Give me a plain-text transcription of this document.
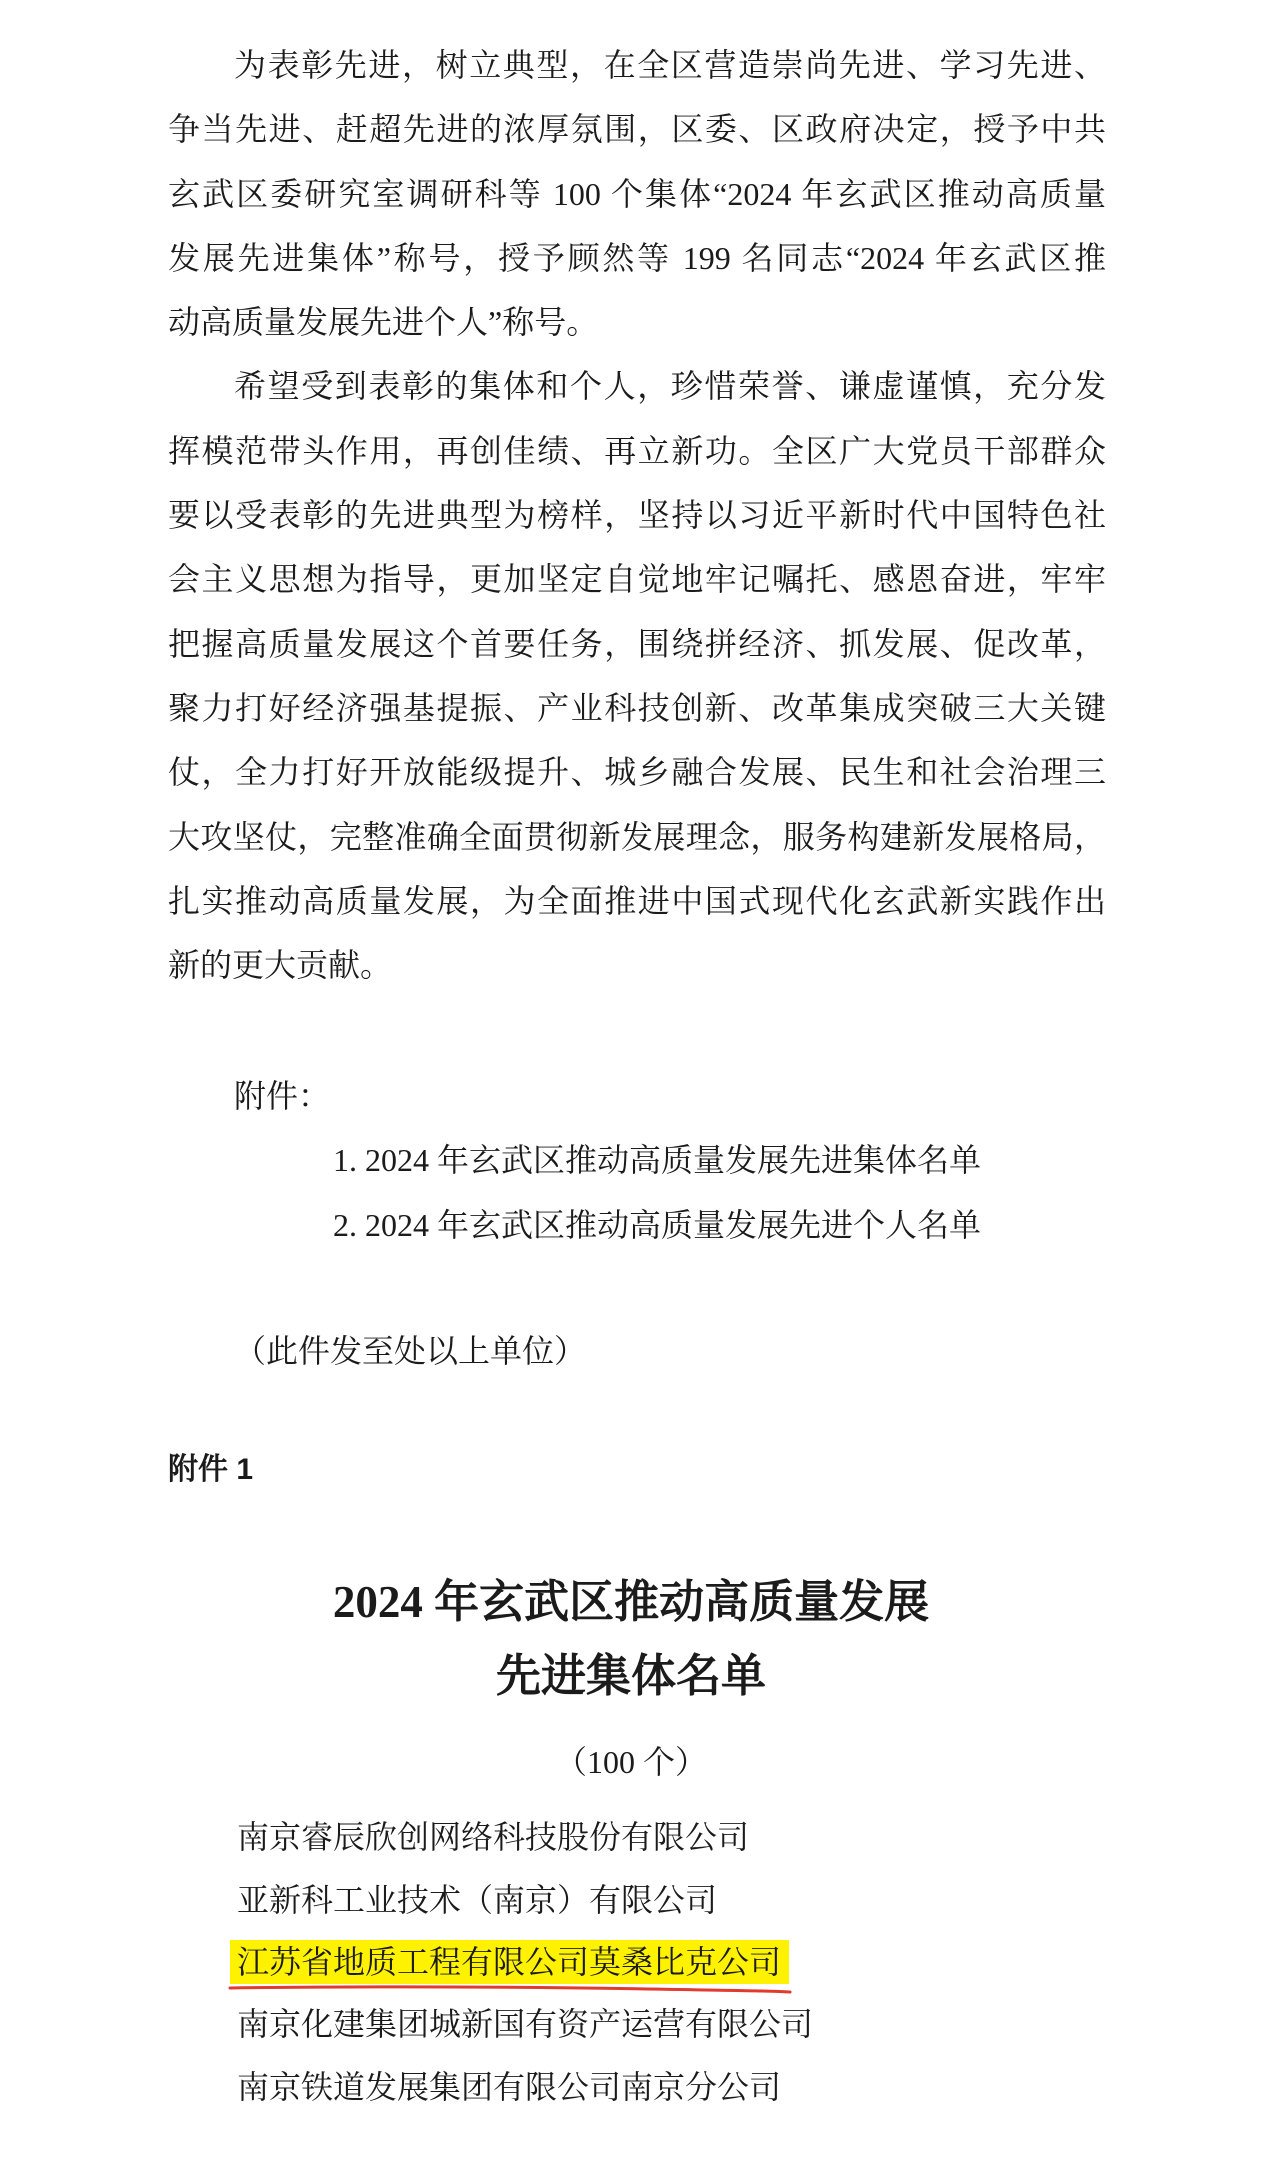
为表彰先进，树立典型，在全区营造崇尚先进、学习先进、
争当先进、赶超先进的浓厚氛围，区委、区政府决定，授予中共
玄武区委研究室调研科等 100 个集体“2024 年玄武区推动高质量
发展先进集体”称号，授予顾然等 199 名同志“2024 年玄武区推
动高质量发展先进个人”称号。
希望受到表彰的集体和个人，珍惜荣誉、谦虚谨慎，充分发
挥模范带头作用，再创佳绩、再立新功。全区广大党员干部群众
要以受表彰的先进典型为榜样，坚持以习近平新时代中国特色社
会主义思想为指导，更加坚定自觉地牢记嘱托、感恩奋进，牢牢
把握高质量发展这个首要任务，围绕拼经济、抓发展、促改革，
聚力打好经济强基提振、产业科技创新、改革集成突破三大关键
仗，全力打好开放能级提升、城乡融合发展、民生和社会治理三
大攻坚仗，完整准确全面贯彻新发展理念，服务构建新发展格局，
扎实推动高质量发展，为全面推进中国式现代化玄武新实践作出
新的更大贡献。
附件：
1. 2024 年玄武区推动高质量发展先进集体名单
2. 2024 年玄武区推动高质量发展先进个人名单
（此件发至处以上单位）
附件 1
2024 年玄武区推动高质量发展
先进集体名单
（100 个）
南京睿辰欣创网络科技股份有限公司
亚新科工业技术（南京）有限公司
江苏省地质工程有限公司莫桑比克公司
南京化建集团城新国有资产运营有限公司
南京铁道发展集团有限公司南京分公司
